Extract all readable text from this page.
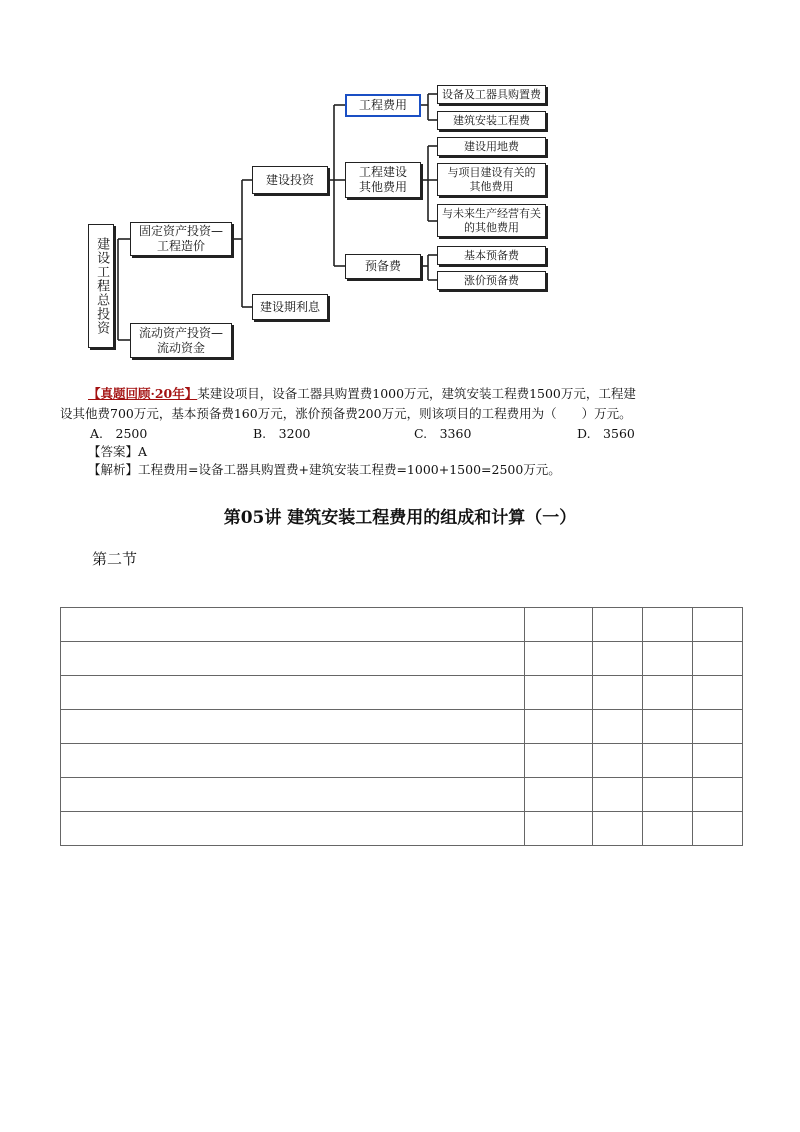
建设工程总投资
固定资产投资—
工程造价
流动资产投资—
流动资金
建设投资
建设期利息
工程费用
工程建设
其他费用
预备费
设备及工器具购置费
建筑安装工程费
建设用地费
与项目建设有关的
其他费用
与未来生产经营有关
的其他费用
基本预备费
涨价预备费
【真题回顾·20年】某建设项目，设备工器具购置费1000万元，建筑安装工程费1500万元，工程建
设其他费700万元，基本预备费160万元，涨价预备费200万元，则该项目的工程费用为（　　）万元。
A.　2500	B.　3200	C.　3360	D.　3560
【答案】A
【解析】工程费用=设备工器具购置费+建筑安装工程费=1000+1500=2500万元。
第05讲 建筑安装工程费用的组成和计算（一）
第二节
